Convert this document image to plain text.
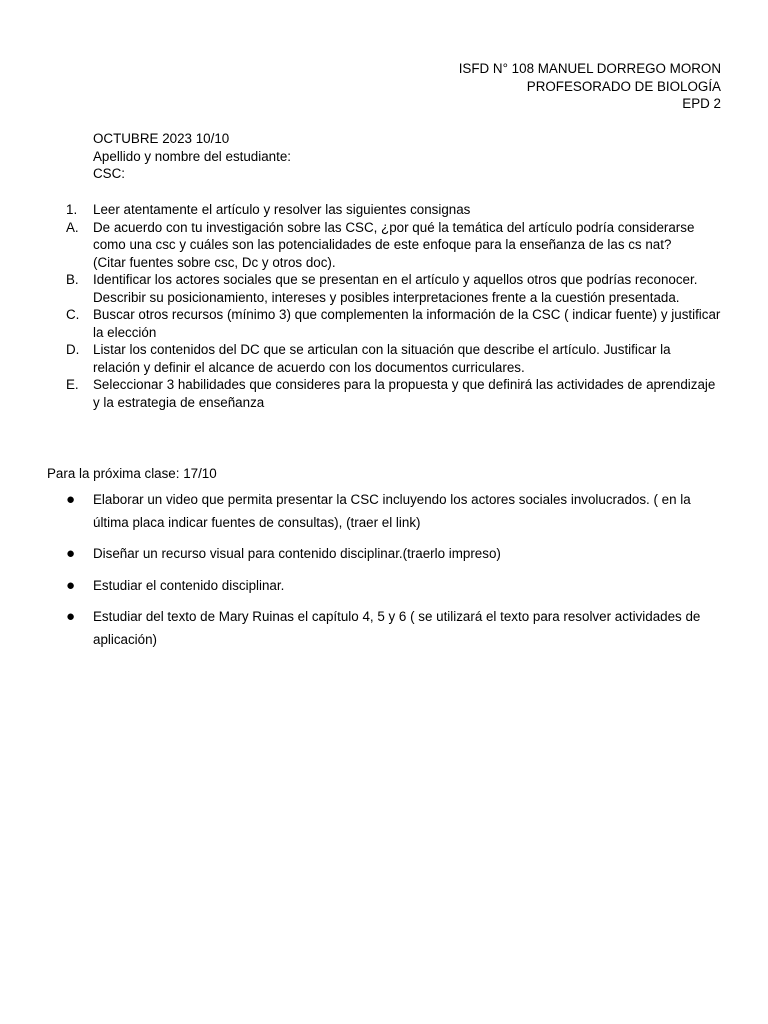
ISFD N° 108 MANUEL DORREGO MORON
PROFESORADO DE BIOLOGÍA
EPD 2
OCTUBRE 2023 10/10
Apellido y nombre del estudiante:
CSC:
1.	Leer atentamente el artículo y resolver las siguientes consignas
A.	De acuerdo con tu investigación sobre las CSC, ¿por qué la temática del artículo podría considerarse como una csc y cuáles son las potencialidades de este enfoque para la enseñanza de las cs nat?
(Citar fuentes sobre csc, Dc y otros doc).
B.	Identificar los actores sociales que se presentan en el artículo y aquellos otros que podrías reconocer. Describir su posicionamiento, intereses y posibles interpretaciones frente a la cuestión presentada.
C.	Buscar otros recursos (mínimo 3) que complementen la información de la CSC ( indicar fuente) y justificar la elección
D.	Listar los contenidos del DC que se articulan con la situación que describe el artículo. Justificar la relación y definir el alcance de acuerdo con los documentos curriculares.
E.	Seleccionar 3 habilidades que consideres para la propuesta y que definirá las actividades de aprendizaje y la estrategia de enseñanza
Para la próxima clase: 17/10
●	Elaborar un video que permita presentar la CSC incluyendo los actores sociales involucrados. ( en la última placa indicar fuentes de consultas), (traer el link)
●	Diseñar un recurso visual para contenido disciplinar.(traerlo impreso)
●	Estudiar el contenido disciplinar.
●	Estudiar del texto de Mary Ruinas el capítulo 4, 5 y 6 ( se utilizará el texto para resolver actividades de aplicación)
